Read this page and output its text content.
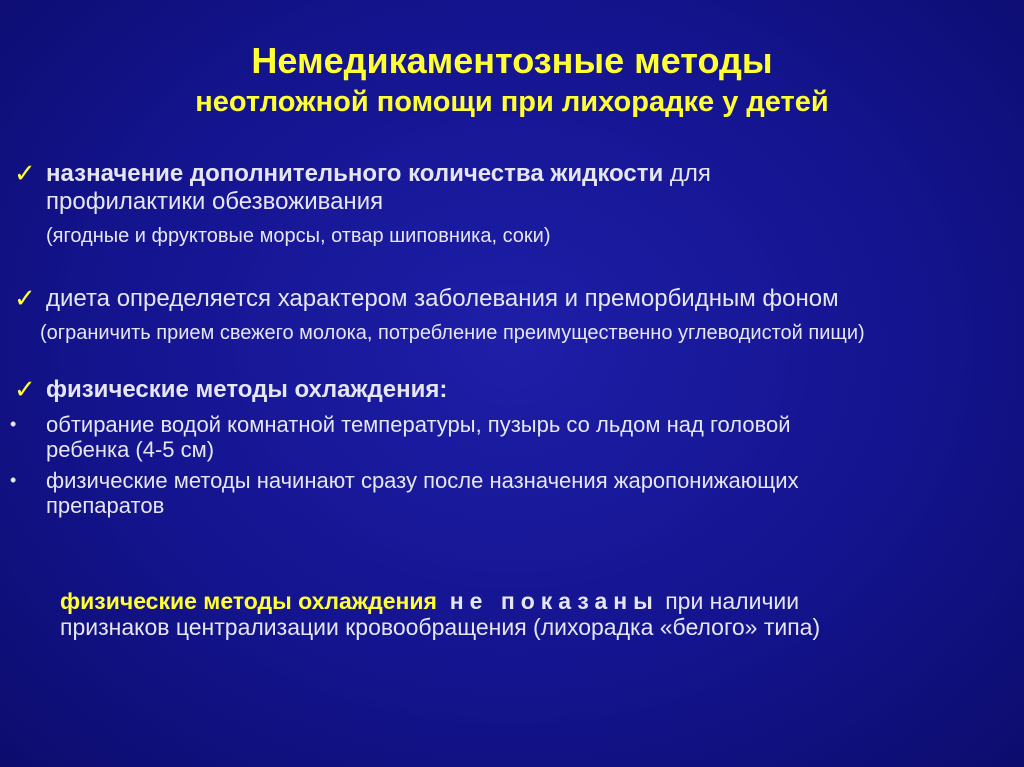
Немедикаментозные методы
неотложной помощи при лихорадке у детей
✓ назначение дополнительного количества жидкости для
профилактики обезвоживания
(ягодные и фруктовые морсы, отвар шиповника, соки)
✓ диета определяется характером заболевания и преморбидным фоном
(ограничить прием свежего молока, потребление преимущественно углеводистой пищи)
✓ физические методы охлаждения:
• обтирание водой комнатной температуры, пузырь со льдом над головой
ребенка (4-5 см)
• физические методы начинают сразу после назначения жаропонижающих
препаратов
физические методы охлаждения не показаны при наличии
признаков централизации кровообращения (лихорадка «белого» типа)
